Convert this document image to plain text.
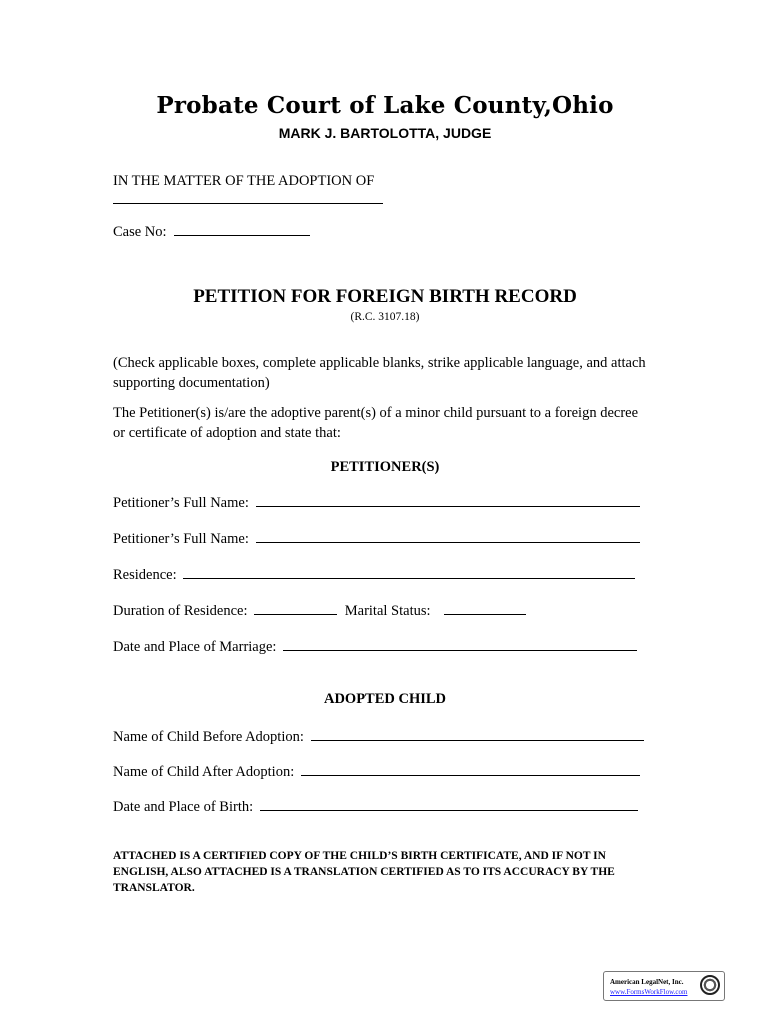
Probate Court of Lake County,Ohio
MARK J. BARTOLOTTA, JUDGE
IN THE MATTER OF THE ADOPTION OF
Case No:
PETITION FOR FOREIGN BIRTH RECORD
(R.C. 3107.18)
(Check applicable boxes, complete applicable blanks, strike applicable language, and attach supporting documentation)
The Petitioner(s) is/are the adoptive parent(s) of a minor child pursuant to a foreign decree or certificate of adoption and state that:
PETITIONER(S)
Petitioner’s Full Name:
Petitioner’s Full Name:
Residence:
Duration of Residence:	Marital Status:
Date and Place of Marriage:
ADOPTED CHILD
Name of Child Before Adoption:
Name of Child After Adoption:
Date and Place of Birth:
ATTACHED IS A CERTIFIED COPY OF THE CHILD’S BIRTH CERTIFICATE, AND IF NOT IN ENGLISH, ALSO ATTACHED IS A TRANSLATION CERTIFIED AS TO ITS ACCURACY BY THE TRANSLATOR.
American LegalNet, Inc.
www.FormsWorkFlow.com
